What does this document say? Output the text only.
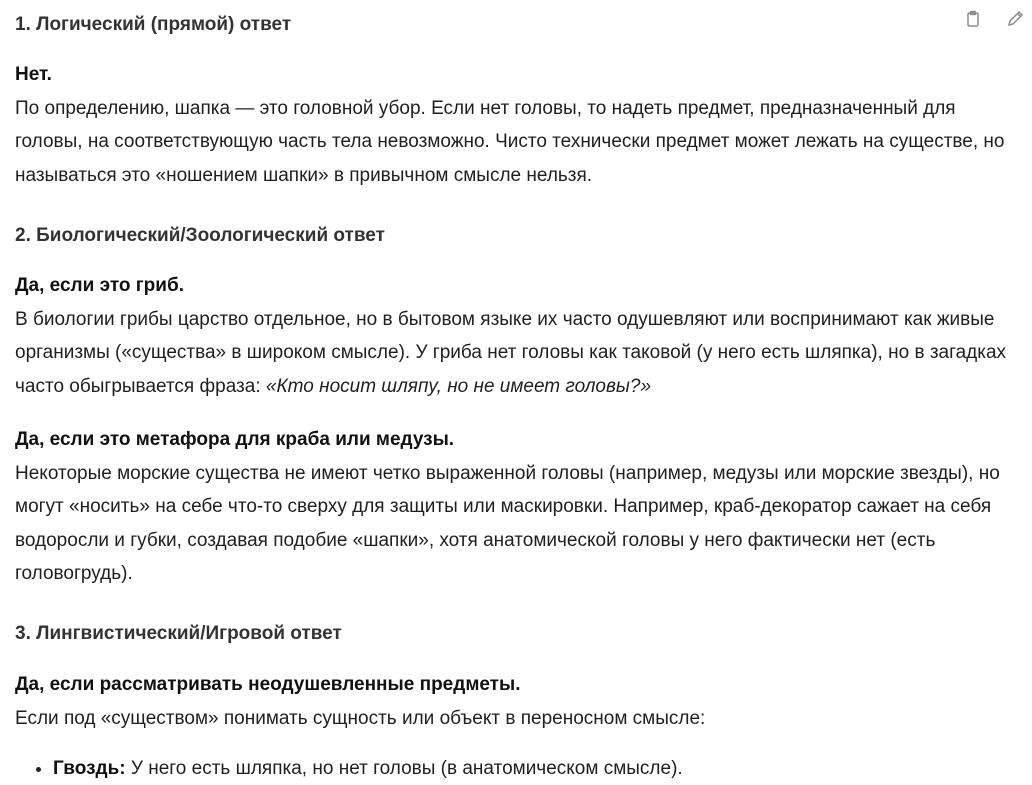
1. Логический (прямой) ответ
Нет.

По определению, шапка — это головной убор. Если нет головы, то надеть предмет, предназначенный для головы, на соответствующую часть тела невозможно. Чисто технически предмет может лежать на существе, но называться это «ношением шапки» в привычном смысле нельзя.

2. Биологический/Зоологический ответ
Да, если это гриб.

В биологии грибы царство отдельное, но в бытовом языке их часто одушевляют или воспринимают как живые организмы («существа» в широком смысле). У гриба нет головы как таковой (у него есть шляпка), но в загадках часто обыгрывается фраза: «Кто носит шляпу, но не имеет головы?»

Да, если это метафора для краба или медузы.

Некоторые морские существа не имеют четко выраженной головы (например, медузы или морские звезды), но могут «носить» на себе что-то сверху для защиты или маскировки. Например, краб-декоратор сажает на себя водоросли и губки, создавая подобие «шапки», хотя анатомической головы у него фактически нет (есть головогрудь).

3. Лингвистический/Игровой ответ
Да, если рассматривать неодушевленные предметы.

Если под «существом» понимать сущность или объект в переносном смысле:

• Гвоздь: У него есть шляпка, но нет головы (в анатомическом смысле).
